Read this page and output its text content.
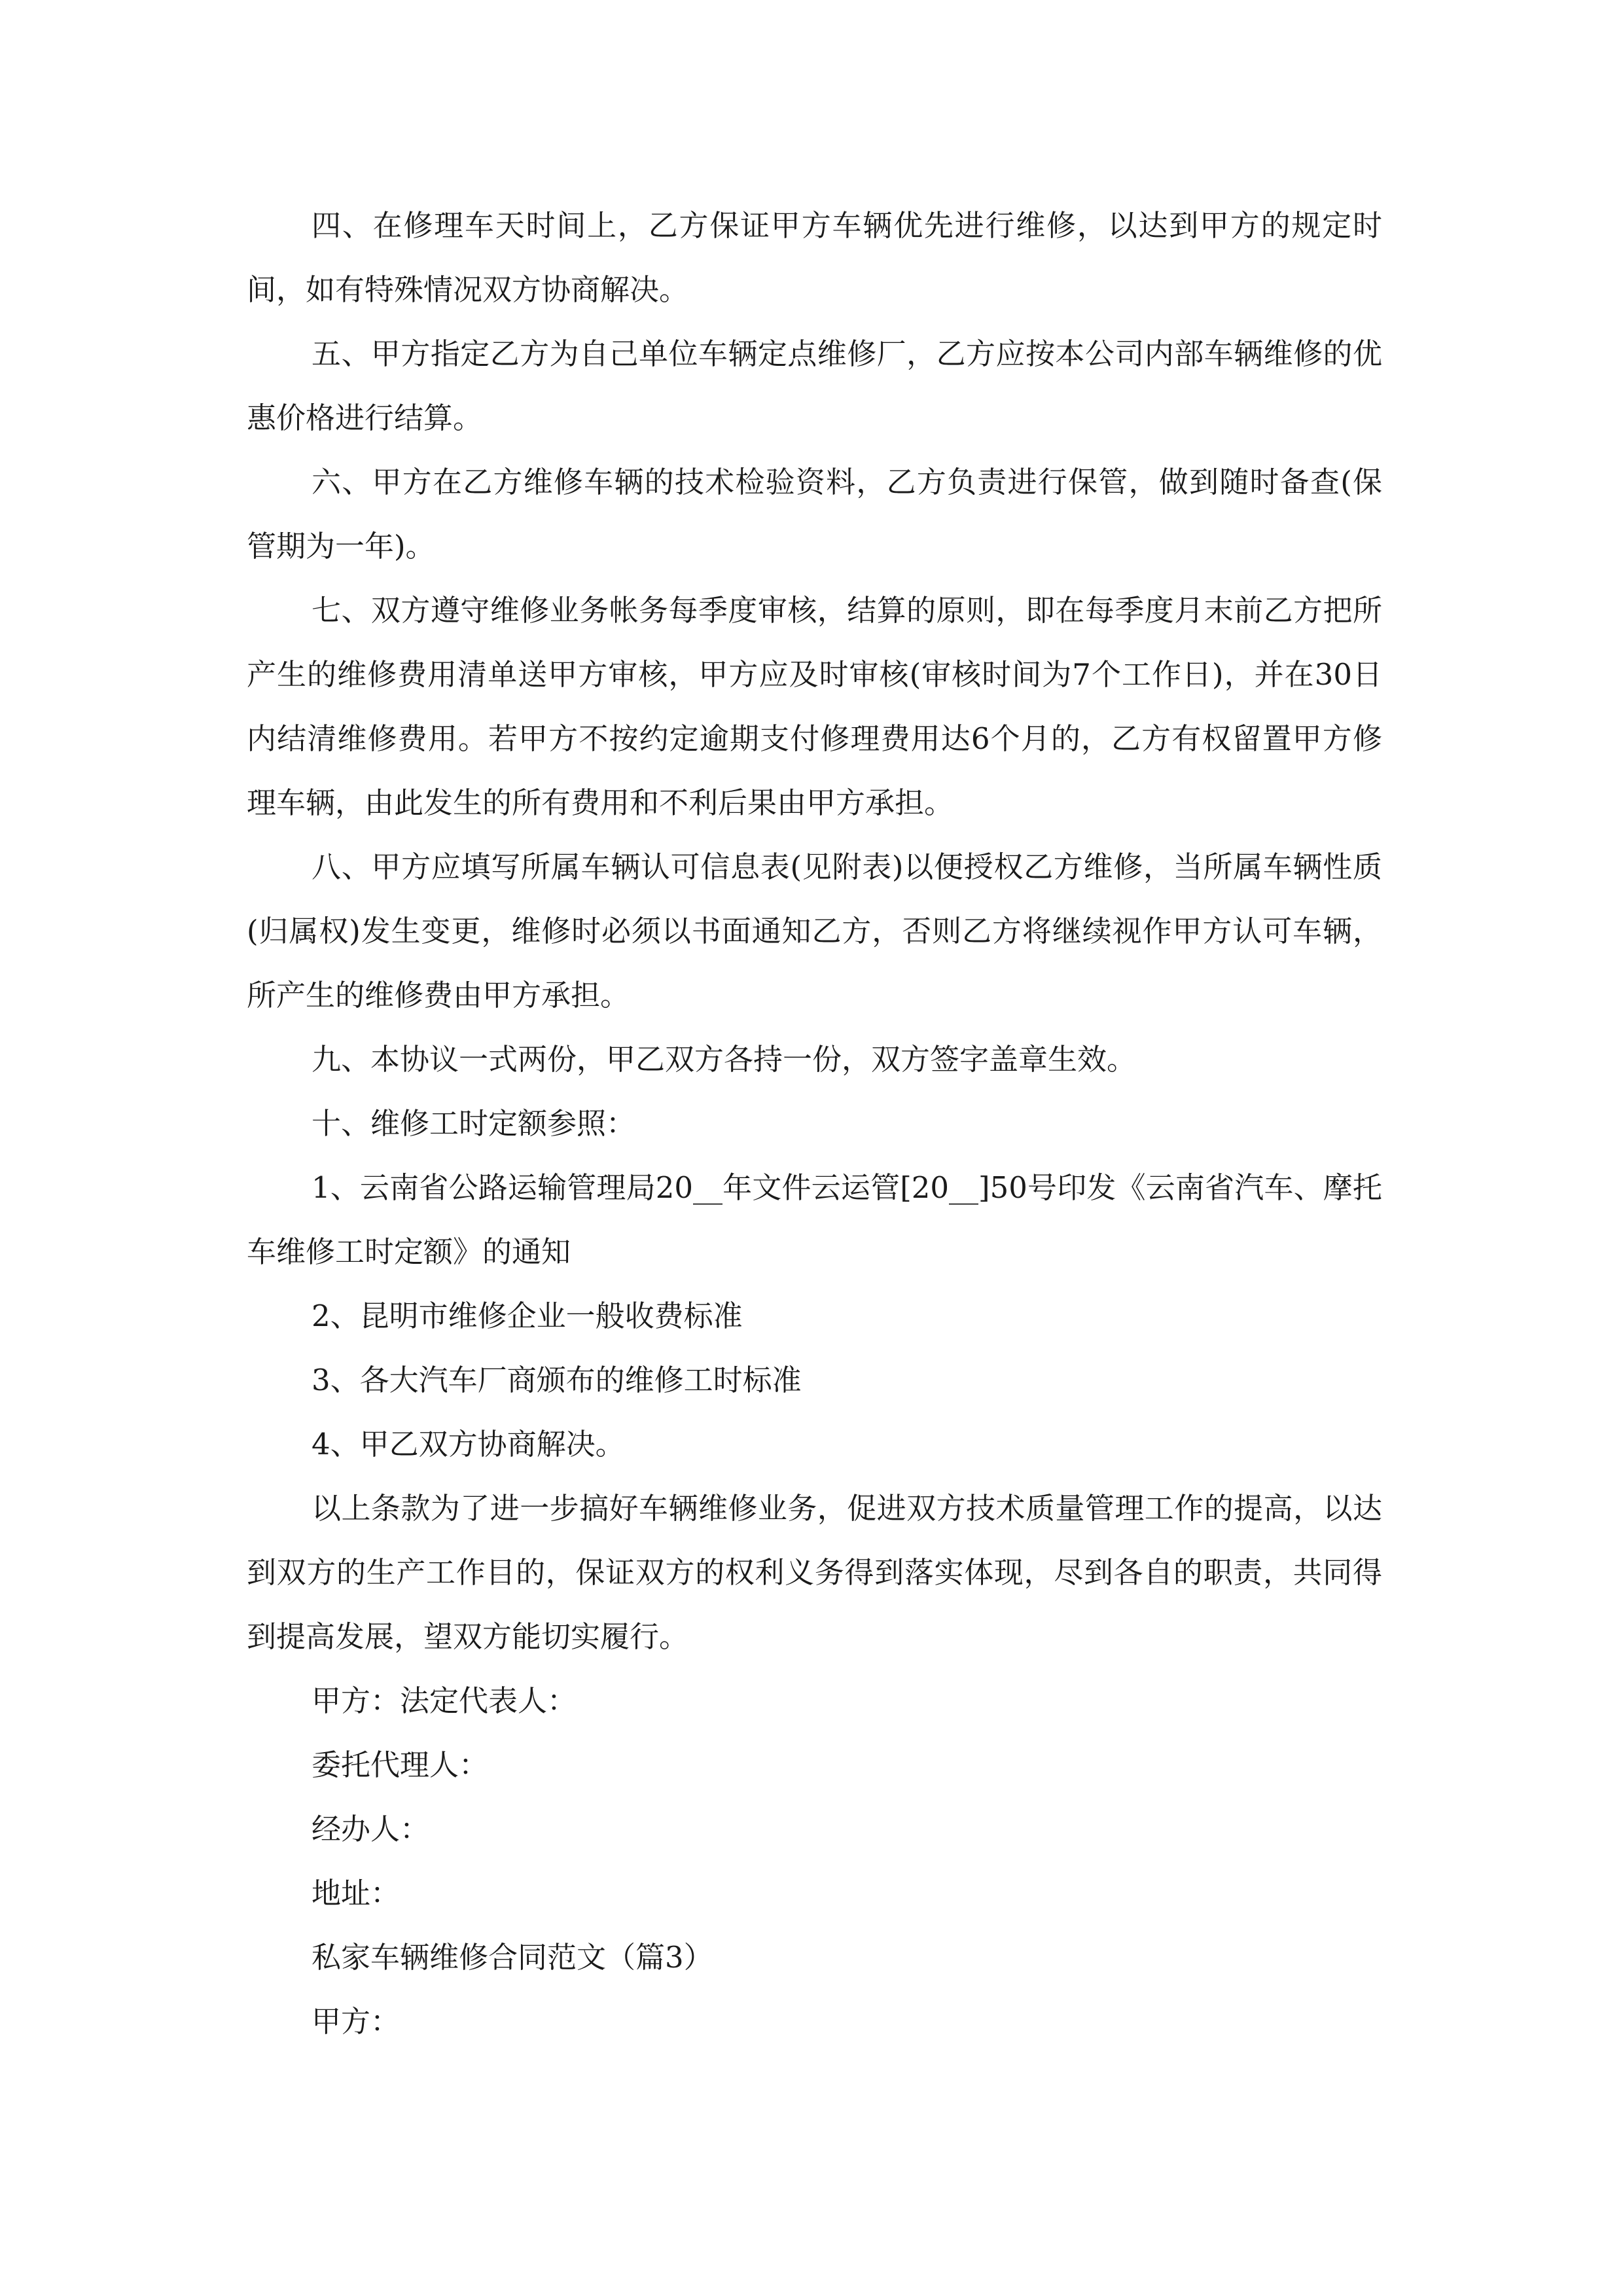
四、在修理车天时间上，乙方保证甲方车辆优先进行维修，以达到甲方的规定时间，如有特殊情况双方协商解决。

五、甲方指定乙方为自己单位车辆定点维修厂，乙方应按本公司内部车辆维修的优惠价格进行结算。

六、甲方在乙方维修车辆的技术检验资料，乙方负责进行保管，做到随时备查(保管期为一年)。

七、双方遵守维修业务帐务每季度审核，结算的原则，即在每季度月末前乙方把所产生的维修费用清单送甲方审核，甲方应及时审核(审核时间为7个工作日)，并在30日内结清维修费用。若甲方不按约定逾期支付修理费用达6个月的，乙方有权留置甲方修理车辆，由此发生的所有费用和不利后果由甲方承担。

八、甲方应填写所属车辆认可信息表(见附表)以便授权乙方维修，当所属车辆性质(归属权)发生变更，维修时必须以书面通知乙方，否则乙方将继续视作甲方认可车辆，所产生的维修费由甲方承担。

九、本协议一式两份，甲乙双方各持一份，双方签字盖章生效。

十、维修工时定额参照：

1、云南省公路运输管理局20__年文件云运管[20__]50号印发《云南省汽车、摩托车维修工时定额》的通知

2、昆明市维修企业一般收费标准

3、各大汽车厂商颁布的维修工时标准

4、甲乙双方协商解决。

以上条款为了进一步搞好车辆维修业务，促进双方技术质量管理工作的提高，以达到双方的生产工作目的，保证双方的权利义务得到落实体现，尽到各自的职责，共同得到提高发展，望双方能切实履行。

甲方：法定代表人：

委托代理人：

经办人：

地址：

私家车辆维修合同范文（篇3）

甲方：
